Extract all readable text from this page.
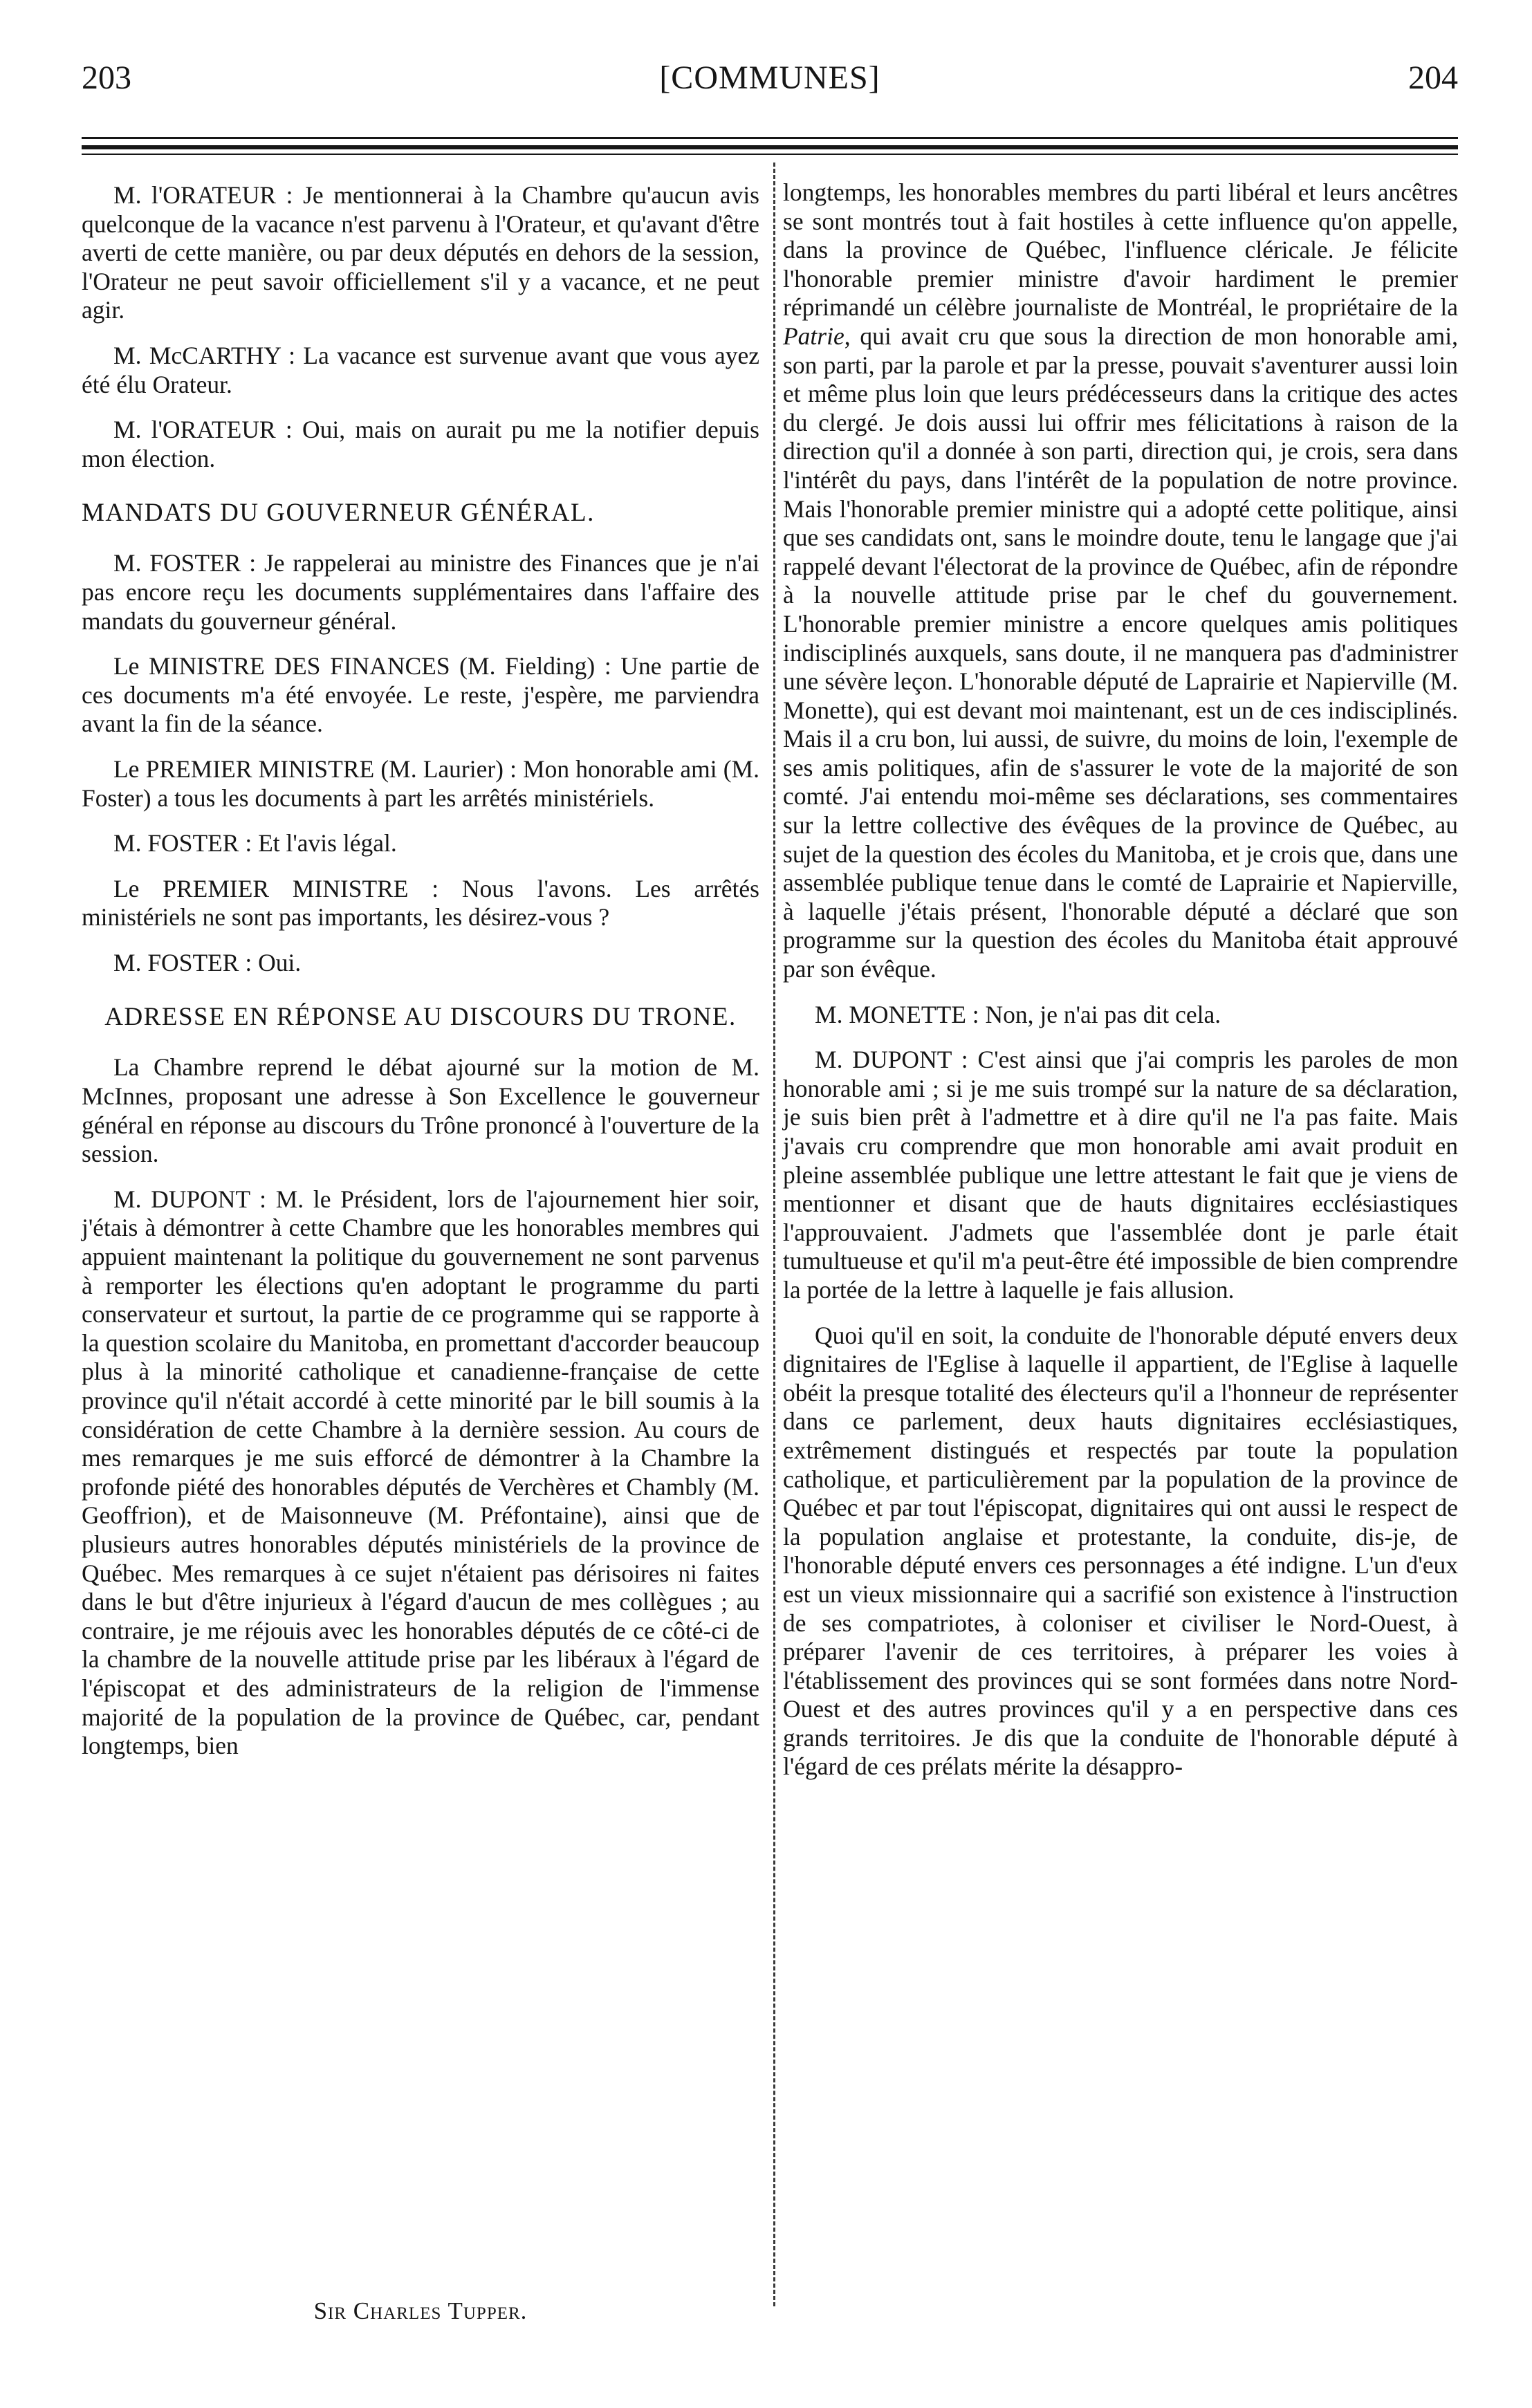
203	[COMMUNES]	204

M. l'ORATEUR : Je mentionnerai à la Chambre qu'aucun avis quelconque de la vacance n'est parvenu à l'Orateur, et qu'avant d'être averti de cette manière, ou par deux députés en dehors de la session, l'Orateur ne peut savoir officiellement s'il y a vacance, et ne peut agir.

M. McCARTHY : La vacance est survenue avant que vous ayez été élu Orateur.

M. l'ORATEUR : Oui, mais on aurait pu me la notifier depuis mon élection.

MANDATS DU GOUVERNEUR GÉNÉRAL.

M. FOSTER : Je rappelerai au ministre des Finances que je n'ai pas encore reçu les documents supplémentaires dans l'affaire des mandats du gouverneur général.

Le MINISTRE DES FINANCES (M. Fielding) : Une partie de ces documents m'a été envoyée. Le reste, j'espère, me parviendra avant la fin de la séance.

Le PREMIER MINISTRE (M. Laurier) : Mon honorable ami (M. Foster) a tous les documents à part les arrêtés ministériels.

M. FOSTER : Et l'avis légal.

Le PREMIER MINISTRE : Nous l'avons. Les arrêtés ministériels ne sont pas importants, les désirez-vous ?

M. FOSTER : Oui.

ADRESSE EN RÉPONSE AU DISCOURS DU TRONE.

La Chambre reprend le débat ajourné sur la motion de M. McInnes, proposant une adresse à Son Excellence le gouverneur général en réponse au discours du Trône prononcé à l'ouverture de la session.

M. DUPONT : M. le Président, lors de l'ajournement hier soir, j'étais à démontrer à cette Chambre que les honorables membres qui appuient maintenant la politique du gouvernement ne sont parvenus à remporter les élections qu'en adoptant le programme du parti conservateur et surtout, la partie de ce programme qui se rapporte à la question scolaire du Manitoba, en promettant d'accorder beaucoup plus à la minorité catholique et canadienne-française de cette province qu'il n'était accordé à cette minorité par le bill soumis à la considération de cette Chambre à la dernière session. Au cours de mes remarques je me suis efforcé de démontrer à la Chambre la profonde piété des honorables députés de Verchères et Chambly (M. Geoffrion), et de Maisonneuve (M. Préfontaine), ainsi que de plusieurs autres honorables députés ministériels de la province de Québec. Mes remarques à ce sujet n'étaient pas dérisoires ni faites dans le but d'être injurieux à l'égard d'aucun de mes collègues ; au contraire, je me réjouis avec les honorables députés de ce côté-ci de la chambre de la nouvelle attitude prise par les libéraux à l'égard de l'épiscopat et des administrateurs de la religion de l'immense majorité de la population de la province de Québec, car, pendant longtemps, bien

Sir Charles Tupper.

longtemps, les honorables membres du parti libéral et leurs ancêtres se sont montrés tout à fait hostiles à cette influence qu'on appelle, dans la province de Québec, l'influence cléricale. Je félicite l'honorable premier ministre d'avoir hardiment le premier réprimandé un célèbre journaliste de Montréal, le propriétaire de la Patrie, qui avait cru que sous la direction de mon honorable ami, son parti, par la parole et par la presse, pouvait s'aventurer aussi loin et même plus loin que leurs prédécesseurs dans la critique des actes du clergé. Je dois aussi lui offrir mes félicitations à raison de la direction qu'il a donnée à son parti, direction qui, je crois, sera dans l'intérêt du pays, dans l'intérêt de la population de notre province. Mais l'honorable premier ministre qui a adopté cette politique, ainsi que ses candidats ont, sans le moindre doute, tenu le langage que j'ai rappelé devant l'électorat de la province de Québec, afin de répondre à la nouvelle attitude prise par le chef du gouvernement. L'honorable premier ministre a encore quelques amis politiques indisciplinés auxquels, sans doute, il ne manquera pas d'administrer une sévère leçon. L'honorable député de Laprairie et Napierville (M. Monette), qui est devant moi maintenant, est un de ces indisciplinés. Mais il a cru bon, lui aussi, de suivre, du moins de loin, l'exemple de ses amis politiques, afin de s'assurer le vote de la majorité de son comté. J'ai entendu moi-même ses déclarations, ses commentaires sur la lettre collective des évêques de la province de Québec, au sujet de la question des écoles du Manitoba, et je crois que, dans une assemblée publique tenue dans le comté de Laprairie et Napierville, à laquelle j'étais présent, l'honorable député a déclaré que son programme sur la question des écoles du Manitoba était approuvé par son évêque.

M. MONETTE : Non, je n'ai pas dit cela.

M. DUPONT : C'est ainsi que j'ai compris les paroles de mon honorable ami ; si je me suis trompé sur la nature de sa déclaration, je suis bien prêt à l'admettre et à dire qu'il ne l'a pas faite. Mais j'avais cru comprendre que mon honorable ami avait produit en pleine assemblée publique une lettre attestant le fait que je viens de mentionner et disant que de hauts dignitaires ecclésiastiques l'approuvaient. J'admets que l'assemblée dont je parle était tumultueuse et qu'il m'a peut-être été impossible de bien comprendre la portée de la lettre à laquelle je fais allusion.

Quoi qu'il en soit, la conduite de l'honorable député envers deux dignitaires de l'Eglise à laquelle il appartient, de l'Eglise à laquelle obéit la presque totalité des électeurs qu'il a l'honneur de représenter dans ce parlement, deux hauts dignitaires ecclésiastiques, extrêmement distingués et respectés par toute la population catholique, et particulièrement par la population de la province de Québec et par tout l'épiscopat, dignitaires qui ont aussi le respect de la population anglaise et protestante, la conduite, dis-je, de l'honorable député envers ces personnages a été indigne. L'un d'eux est un vieux missionnaire qui a sacrifié son existence à l'instruction de ses compatriotes, à coloniser et civiliser le Nord-Ouest, à préparer l'avenir de ces territoires, à préparer les voies à l'établissement des provinces qui se sont formées dans notre Nord-Ouest et des autres provinces qu'il y a en perspective dans ces grands territoires. Je dis que la conduite de l'honorable député à l'égard de ces prélats mérite la désappro-
